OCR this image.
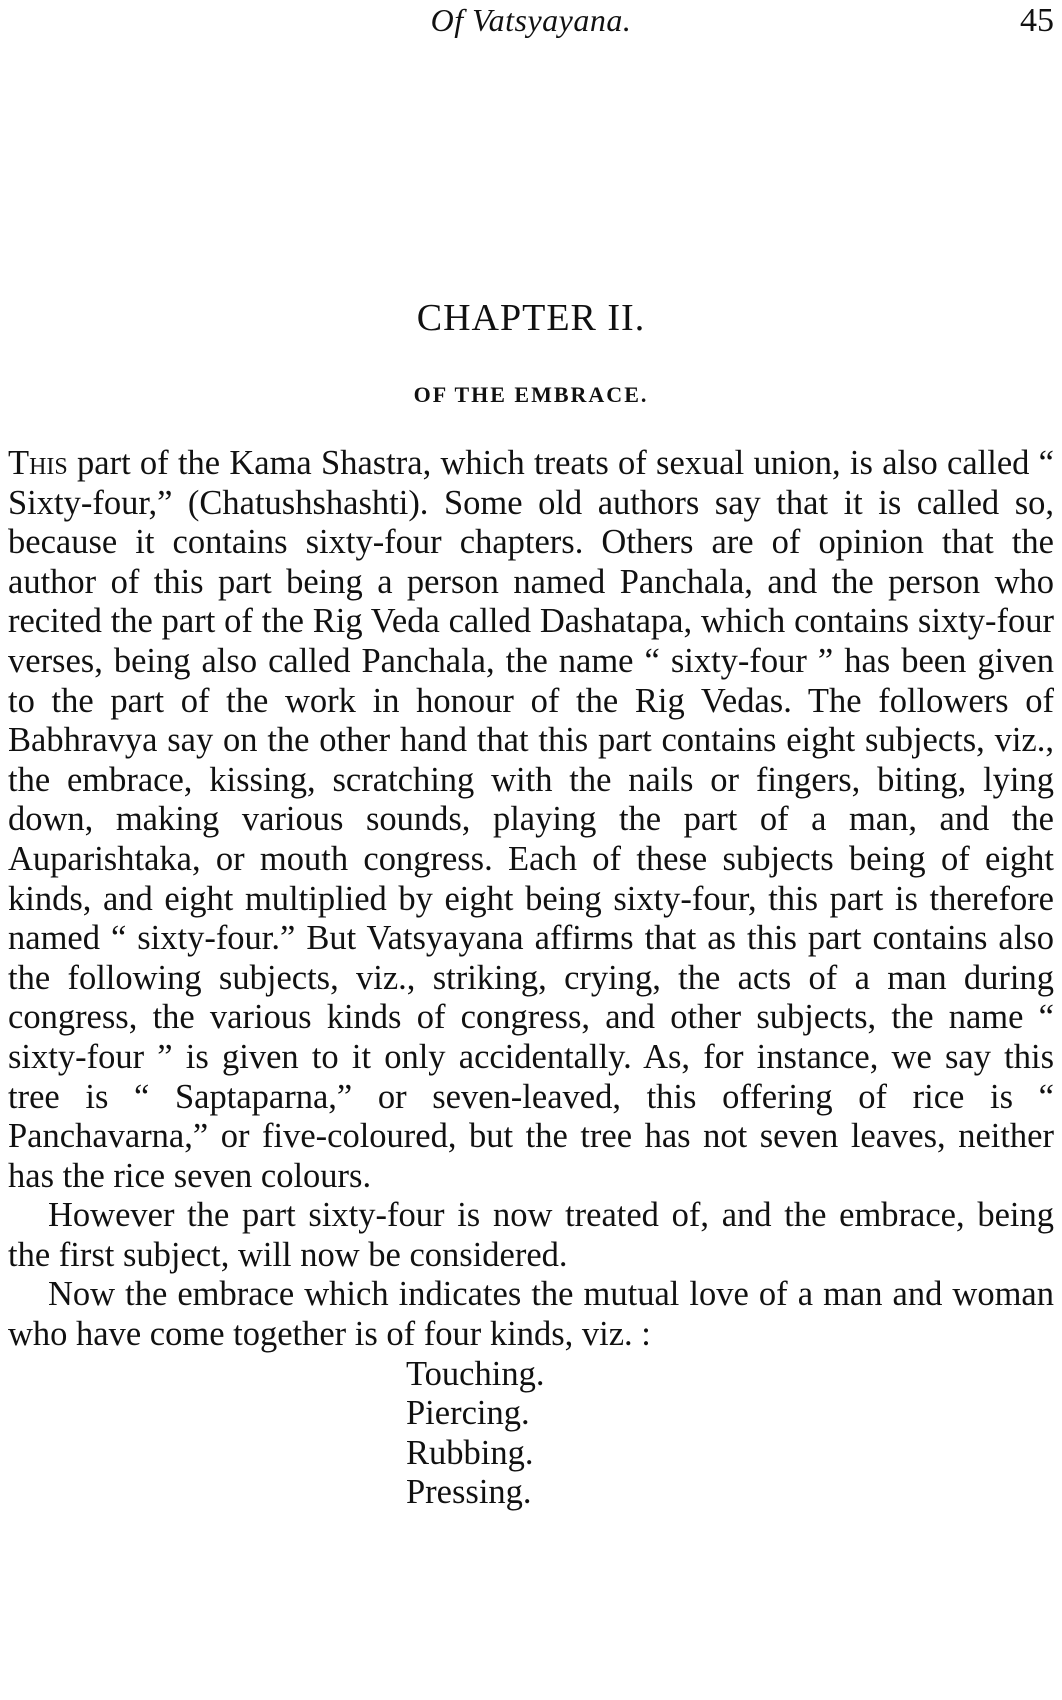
Of Vatsyayana.	45
CHAPTER II.
OF THE EMBRACE.

This part of the Kama Shastra, which treats of sexual union, is also called “ Sixty-four,” (Chatushshashti). Some old authors say that it is called so, because it contains sixty-four chapters. Others are of opinion that the author of this part being a person named Panchala, and the person who recited the part of the Rig Veda called Dashatapa, which contains sixty-four verses, being also called Panchala, the name “ sixty-four ” has been given to the part of the work in honour of the Rig Vedas. The followers of Babhravya say on the other hand that this part contains eight subjects, viz., the embrace, kissing, scratching with the nails or fingers, biting, lying down, making various sounds, playing the part of a man, and the Auparishtaka, or mouth congress. Each of these subjects being of eight kinds, and eight multiplied by eight being sixty-four, this part is therefore named “ sixty-four.” But Vatsyayana affirms that as this part contains also the following subjects, viz., striking, crying, the acts of a man during congress, the various kinds of congress, and other subjects, the name “ sixty-four ” is given to it only accidentally. As, for instance, we say this tree is “ Saptaparna,” or seven-leaved, this offering of rice is “ Panchavarna,” or five-coloured, but the tree has not seven leaves, neither has the rice seven colours.

However the part sixty-four is now treated of, and the embrace, being the first subject, will now be considered.

Now the embrace which indicates the mutual love of a man and woman who have come together is of four kinds, viz. :

Touching.
Piercing.
Rubbing.
Pressing.
